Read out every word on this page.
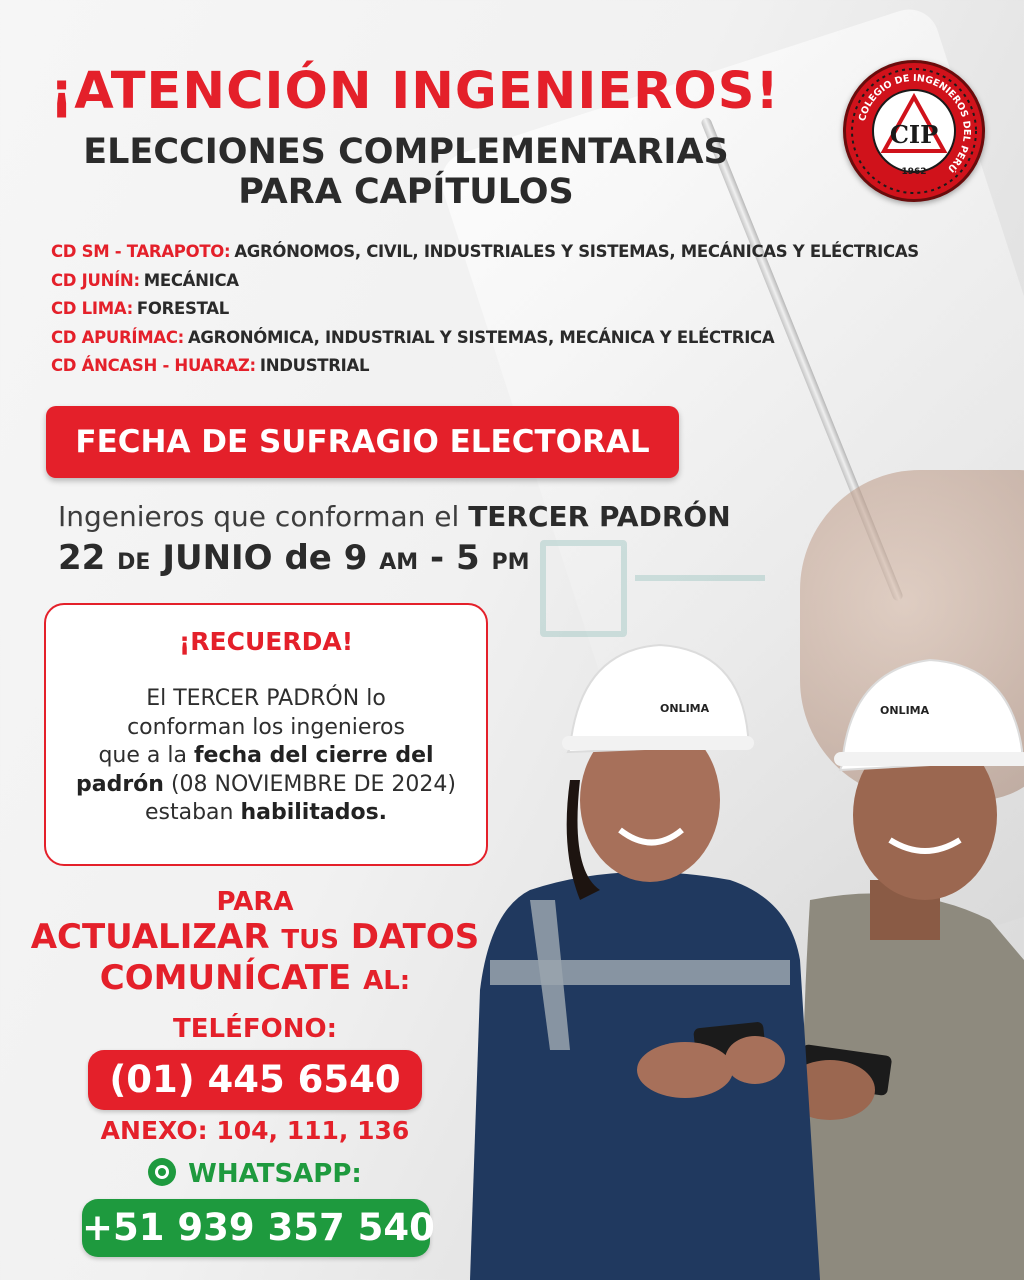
¡ATENCIÓN INGENIEROS!
ELECCIONES COMPLEMENTARIAS
PARA CAPÍTULOS
COLEGIO DE INGENIEROS DEL PERÚ
CIP
1962
CD SM - TARAPOTO: AGRÓNOMOS, CIVIL, INDUSTRIALES Y SISTEMAS, MECÁNICAS Y ELÉCTRICAS
CD JUNÍN: MECÁNICA
CD LIMA: FORESTAL
CD APURÍMAC: AGRONÓMICA, INDUSTRIAL Y SISTEMAS, MECÁNICA Y ELÉCTRICA
CD ÁNCASH - HUARAZ: INDUSTRIAL
FECHA DE SUFRAGIO ELECTORAL
Ingenieros que conforman el TERCER PADRÓN
22 DE JUNIO de 9 AM - 5 PM
¡RECUERDA!
El TERCER PADRÓN lo
conforman los ingenieros
que a la fecha del cierre del
padrón (08 NOVIEMBRE DE 2024)
estaban habilitados.
PARA
ACTUALIZAR TUS DATOS
COMUNÍCATE AL:
TELÉFONO:
(01) 445 6540
ANEXO: 104, 111, 136
WHATSAPP:
+51 939 357 540
ONLIMA
ONLIMA
